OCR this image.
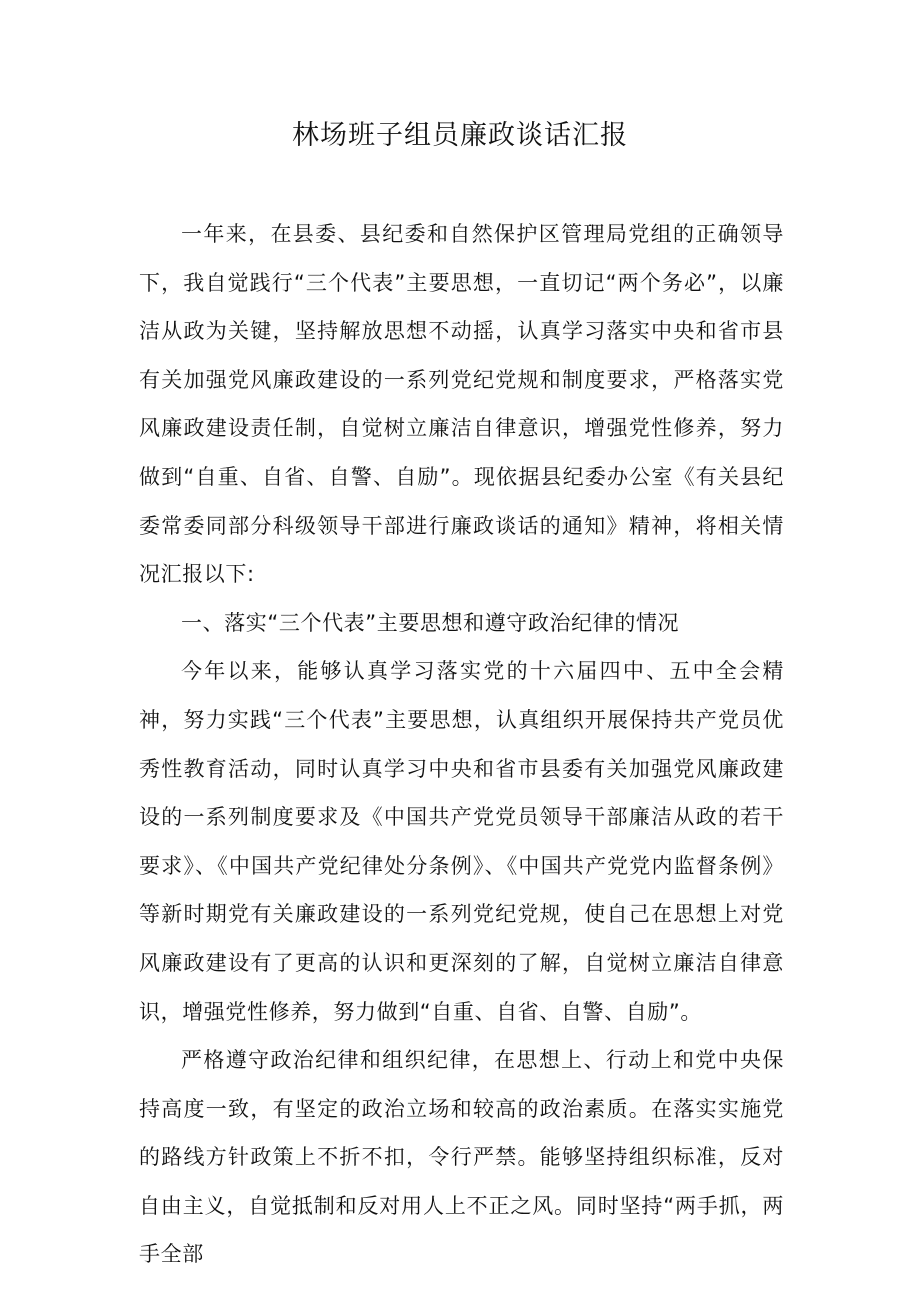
林场班子组员廉政谈话汇报

一年来，在县委、县纪委和自然保护区管理局党组的正确领导下，我自觉践行“三个代表”主要思想，一直切记“两个务必”，以廉洁从政为关键，坚持解放思想不动摇，认真学习落实中央和省市县有关加强党风廉政建设的一系列党纪党规和制度要求，严格落实党风廉政建设责任制，自觉树立廉洁自律意识，增强党性修养，努力做到“自重、自省、自警、自励”。现依据县纪委办公室《有关县纪委常委同部分科级领导干部进行廉政谈话的通知》精神，将相关情况汇报以下:

一、落实“三个代表”主要思想和遵守政治纪律的情况

今年以来，能够认真学习落实党的十六届四中、五中全会精神，努力实践“三个代表”主要思想，认真组织开展保持共产党员优秀性教育活动，同时认真学习中央和省市县委有关加强党风廉政建设的一系列制度要求及《中国共产党党员领导干部廉洁从政的若干要求》、《中国共产党纪律处分条例》、《中国共产党党内监督条例》等新时期党有关廉政建设的一系列党纪党规，使自己在思想上对党风廉政建设有了更高的认识和更深刻的了解，自觉树立廉洁自律意识，增强党性修养，努力做到“自重、自省、自警、自励”。

严格遵守政治纪律和组织纪律，在思想上、行动上和党中央保持高度一致，有坚定的政治立场和较高的政治素质。在落实实施党的路线方针政策上不折不扣，令行严禁。能够坚持组织标准，反对自由主义，自觉抵制和反对用人上不正之风。同时坚持“两手抓，两手全部
